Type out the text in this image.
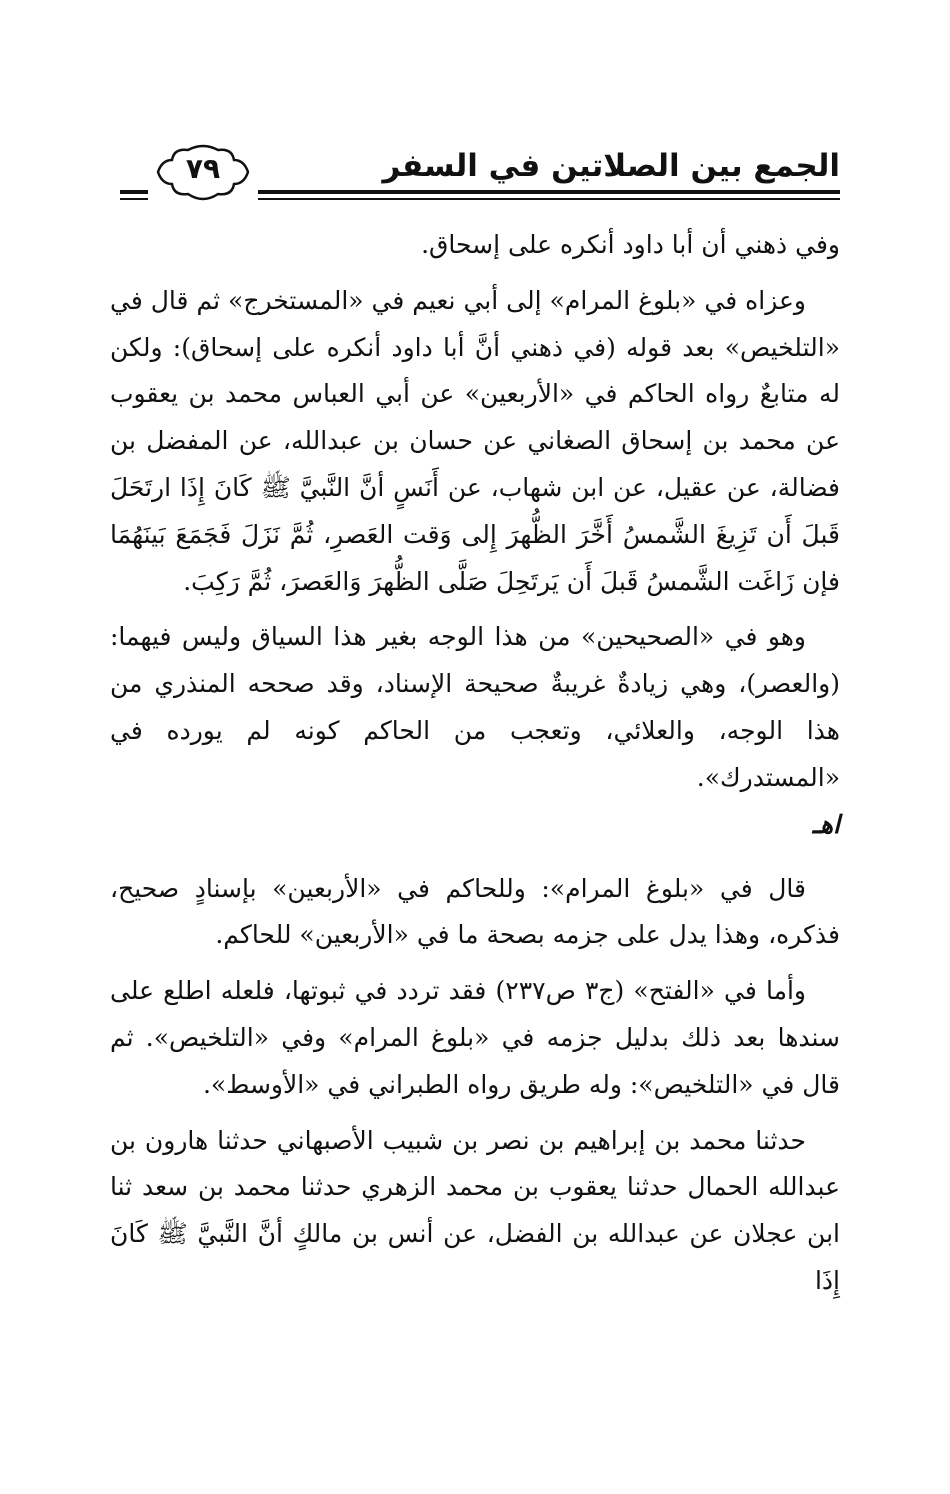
الجمع بين الصلاتين في السفر
٧٩

وفي ذهني أن أبا داود أنكره على إسحاق.

وعزاه في «بلوغ المرام» إلى أبي نعيم في «المستخرج» ثم قال في «التلخيص» بعد قوله (في ذهني أنَّ أبا داود أنكره على إسحاق): ولكن له متابعٌ رواه الحاكم في «الأربعين» عن أبي العباس محمد بن يعقوب عن محمد بن إسحاق الصغاني عن حسان بن عبدالله، عن المفضل بن فضالة، عن عقيل، عن ابن شهاب، عن أَنَسٍ أنَّ النَّبيَّ ﷺ كَانَ إِذَا ارتَحَلَ قَبلَ أَن تَزِيغَ الشَّمسُ أَخَّرَ الظُّهرَ إِلى وَقت العَصرِ، ثُمَّ نَزَلَ فَجَمَعَ بَينَهُمَا فإن زَاغَت الشَّمسُ قَبلَ أَن يَرتَحِلَ صَلَّى الظُّهرَ وَالعَصرَ، ثُمَّ رَكِبَ.

وهو في «الصحيحين» من هذا الوجه بغير هذا السياق وليس فيهما: (والعصر)، وهي زيادةٌ غريبةٌ صحيحة الإسناد، وقد صححه المنذري من هذا الوجه، والعلائي، وتعجب من الحاكم كونه لم يورده في «المستدرك».

اهـ

قال في «بلوغ المرام»: وللحاكم في «الأربعين» بإسنادٍ صحيح، فذكره، وهذا يدل على جزمه بصحة ما في «الأربعين» للحاكم.

وأما في «الفتح» (ج٣ ص٢٣٧) فقد تردد في ثبوتها، فلعله اطلع على سندها بعد ذلك بدليل جزمه في «بلوغ المرام» وفي «التلخيص». ثم قال في «التلخيص»: وله طريق رواه الطبراني في «الأوسط».

حدثنا محمد بن إبراهيم بن نصر بن شبيب الأصبهاني حدثنا هارون بن عبدالله الحمال حدثنا يعقوب بن محمد الزهري حدثنا محمد بن سعد ثنا ابن عجلان عن عبدالله بن الفضل، عن أنس بن مالكٍ أنَّ النَّبيَّ ﷺ كَانَ إِذَا
